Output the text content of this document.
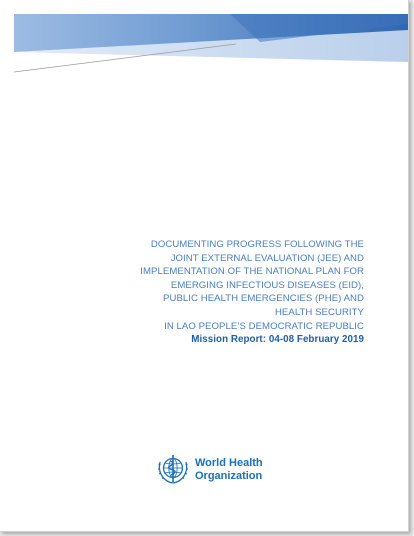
DOCUMENTING PROGRESS FOLLOWING THE
JOINT EXTERNAL EVALUATION (JEE) AND
IMPLEMENTATION OF THE NATIONAL PLAN FOR
EMERGING INFECTIOUS DISEASES (EID),
PUBLIC HEALTH EMERGENCIES (PHE) AND
HEALTH SECURITY
IN LAO PEOPLE’S DEMOCRATIC REPUBLIC
Mission Report: 04-08 February 2019
World Health
Organization
